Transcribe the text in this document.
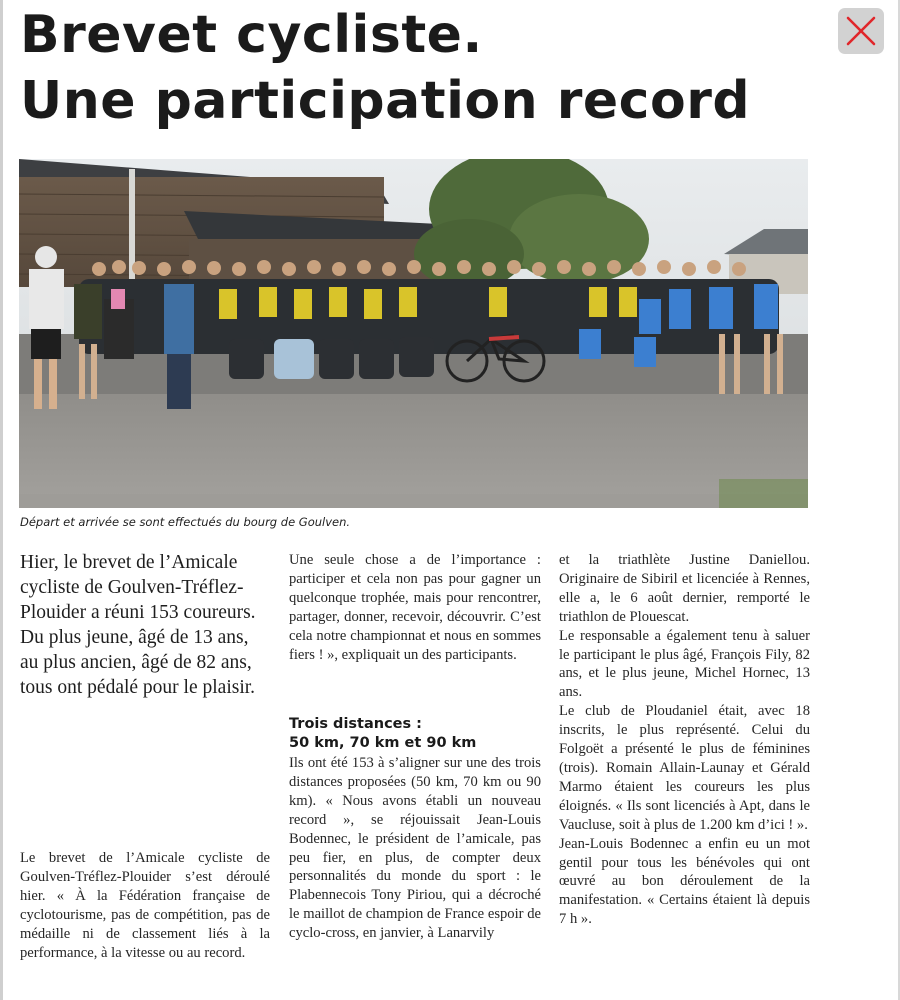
Brevet cycliste.
Une participation record

Départ et arrivée se sont effectués du bourg de Goulven.

Hier, le brevet de l’Amicale cycliste de Goulven-Tréflez-Plouider a réuni 153 coureurs. Du plus jeune, âgé de 13 ans, au plus ancien, âgé de 82 ans, tous ont pédalé pour le plaisir.

Le brevet de l’Amicale cycliste de Goulven-Tréflez-Plouider s’est déroulé hier. « À la Fédération française de cyclotourisme, pas de compétition, pas de médaille ni de classement liés à la performance, à la vitesse ou au record.

Une seule chose a de l’importance : participer et cela non pas pour gagner un quelconque trophée, mais pour rencontrer, partager, donner, recevoir, découvrir. C’est cela notre championnat et nous en sommes fiers ! », expliquait un des participants.

Trois distances :
50 km, 70 km et 90 km

Ils ont été 153 à s’aligner sur une des trois distances proposées (50 km, 70 km ou 90 km). « Nous avons établi un nouveau record », se réjouissait Jean-Louis Bodennec, le président de l’amicale, pas peu fier, en plus, de compter deux personnalités du monde du sport : le Plabennecois Tony Piriou, qui a décroché le maillot de champion de France espoir de cyclo-cross, en janvier, à Lanarvily

et la triathlète Justine Daniellou. Originaire de Sibiril et licenciée à Rennes, elle a, le 6 août dernier, remporté le triathlon de Plouescat.

Le responsable a également tenu à saluer le participant le plus âgé, François Fily, 82 ans, et le plus jeune, Michel Hornec, 13 ans.

Le club de Ploudaniel était, avec 18 inscrits, le plus représenté. Celui du Folgoët a présenté le plus de féminines (trois). Romain Allain-Launay et Gérald Marmo étaient les coureurs les plus éloignés. « Ils sont licenciés à Apt, dans le Vaucluse, soit à plus de 1.200 km d’ici ! ».

Jean-Louis Bodennec a enfin eu un mot gentil pour tous les bénévoles qui ont œuvré au bon déroulement de la manifestation. « Certains étaient là depuis 7 h ».
